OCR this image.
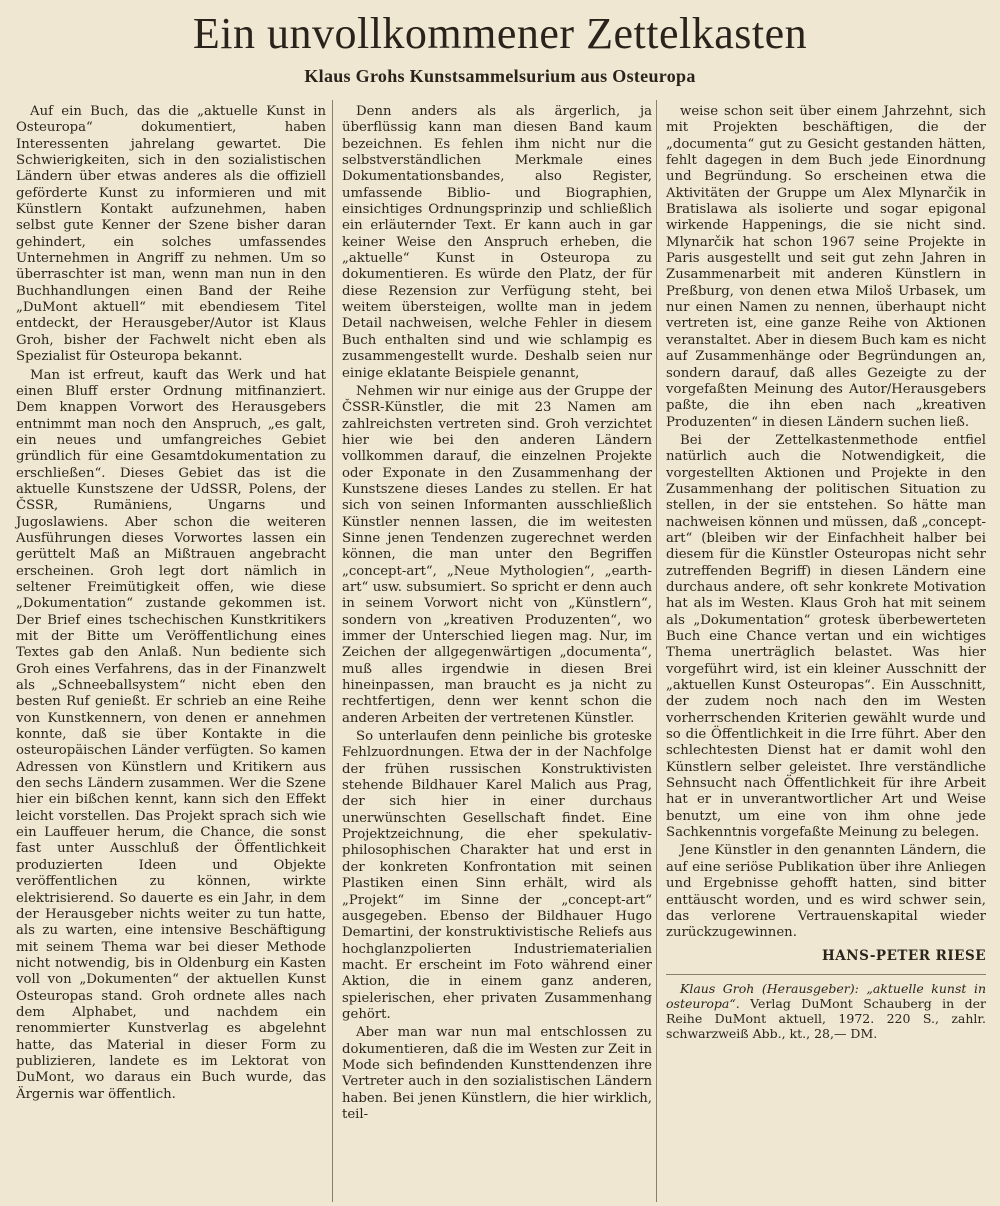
Ein unvollkommener Zettelkasten
Klaus Grohs Kunstsammelsurium aus Osteuropa

Auf ein Buch, das die „aktuelle Kunst in Osteuropa“ dokumentiert, haben Interessenten jahrelang gewartet. Die Schwierigkeiten, sich in den sozialistischen Ländern über etwas anderes als die offiziell geförderte Kunst zu informieren und mit Künstlern Kontakt aufzunehmen, haben selbst gute Kenner der Szene bisher daran gehindert, ein solches umfassendes Unternehmen in Angriff zu nehmen. Um so überraschter ist man, wenn man nun in den Buchhandlungen einen Band der Reihe „DuMont aktuell“ mit ebendiesem Titel entdeckt, der Herausgeber/Autor ist Klaus Groh, bisher der Fachwelt nicht eben als Spezialist für Osteuropa bekannt.

Man ist erfreut, kauft das Werk und hat einen Bluff erster Ordnung mitfinanziert. Dem knappen Vorwort des Herausgebers entnimmt man noch den Anspruch, „es galt, ein neues und umfangreiches Gebiet gründlich für eine Gesamtdokumentation zu erschließen“. Dieses Gebiet das ist die aktuelle Kunstszene der UdSSR, Polens, der ČSSR, Rumäniens, Ungarns und Jugoslawiens. Aber schon die weiteren Ausführungen dieses Vorwortes lassen ein gerüttelt Maß an Mißtrauen angebracht erscheinen. Groh legt dort nämlich in seltener Freimütigkeit offen, wie diese „Dokumentation“ zustande gekommen ist. Der Brief eines tschechischen Kunstkritikers mit der Bitte um Veröffentlichung eines Textes gab den Anlaß. Nun bediente sich Groh eines Verfahrens, das in der Finanzwelt als „Schneeballsystem“ nicht eben den besten Ruf genießt. Er schrieb an eine Reihe von Kunstkennern, von denen er annehmen konnte, daß sie über Kontakte in die osteuropäischen Länder verfügten. So kamen Adressen von Künstlern und Kritikern aus den sechs Ländern zusammen. Wer die Szene hier ein bißchen kennt, kann sich den Effekt leicht vorstellen. Das Projekt sprach sich wie ein Lauffeuer herum, die Chance, die sonst fast unter Ausschluß der Öffentlichkeit produzierten Ideen und Objekte veröffentlichen zu können, wirkte elektrisierend. So dauerte es ein Jahr, in dem der Herausgeber nichts weiter zu tun hatte, als zu warten, eine intensive Beschäftigung mit seinem Thema war bei dieser Methode nicht notwendig, bis in Oldenburg ein Kasten voll von „Dokumenten“ der aktuellen Kunst Osteuropas stand. Groh ordnete alles nach dem Alphabet, und nachdem ein renommierter Kunstverlag es abgelehnt hatte, das Material in dieser Form zu publizieren, landete es im Lektorat von DuMont, wo daraus ein Buch wurde, das Ärgernis war öffentlich.

Denn anders als als ärgerlich, ja überflüssig kann man diesen Band kaum bezeichnen. Es fehlen ihm nicht nur die selbstverständlichen Merkmale eines Dokumentationsbandes, also Register, umfassende Biblio- und Biographien, einsichtiges Ordnungsprinzip und schließlich ein erläuternder Text. Er kann auch in gar keiner Weise den Anspruch erheben, die „aktuelle“ Kunst in Osteuropa zu dokumentieren. Es würde den Platz, der für diese Rezension zur Verfügung steht, bei weitem übersteigen, wollte man in jedem Detail nachweisen, welche Fehler in diesem Buch enthalten sind und wie schlampig es zusammengestellt wurde. Deshalb seien nur einige eklatante Beispiele genannt,

Nehmen wir nur einige aus der Gruppe der ČSSR-Künstler, die mit 23 Namen am zahlreichsten vertreten sind. Groh verzichtet hier wie bei den anderen Ländern vollkommen darauf, die einzelnen Projekte oder Exponate in den Zusammenhang der Kunstszene dieses Landes zu stellen. Er hat sich von seinen Informanten ausschließlich Künstler nennen lassen, die im weitesten Sinne jenen Tendenzen zugerechnet werden können, die man unter den Begriffen „concept-art“, „Neue Mythologien“, „earth-art“ usw. subsumiert. So spricht er denn auch in seinem Vorwort nicht von „Künstlern“, sondern von „kreativen Produzenten“, wo immer der Unterschied liegen mag. Nur, im Zeichen der allgegenwärtigen „documenta“, muß alles irgendwie in diesen Brei hineinpassen, man braucht es ja nicht zu rechtfertigen, denn wer kennt schon die anderen Arbeiten der vertretenen Künstler.

So unterlaufen denn peinliche bis groteske Fehlzuordnungen. Etwa der in der Nachfolge der frühen russischen Konstruktivisten stehende Bildhauer Karel Malich aus Prag, der sich hier in einer durchaus unerwünschten Gesellschaft findet. Eine Projektzeichnung, die eher spekulativ-philosophischen Charakter hat und erst in der konkreten Konfrontation mit seinen Plastiken einen Sinn erhält, wird als „Projekt“ im Sinne der „concept-art“ ausgegeben. Ebenso der Bildhauer Hugo Demartini, der konstruktivistische Reliefs aus hochglanzpolierten Industriematerialien macht. Er erscheint im Foto während einer Aktion, die in einem ganz anderen, spielerischen, eher privaten Zusammenhang gehört.

Aber man war nun mal entschlossen zu dokumentieren, daß die im Westen zur Zeit in Mode sich befindenden Kunsttendenzen ihre Vertreter auch in den sozialistischen Ländern haben. Bei jenen Künstlern, die hier wirklich, teil-

weise schon seit über einem Jahrzehnt, sich mit Projekten beschäftigen, die der „documenta“ gut zu Gesicht gestanden hätten, fehlt dagegen in dem Buch jede Einordnung und Begründung. So erscheinen etwa die Aktivitäten der Gruppe um Alex Mlynarčik in Bratislawa als isolierte und sogar epigonal wirkende Happenings, die sie nicht sind. Mlynarčik hat schon 1967 seine Projekte in Paris ausgestellt und seit gut zehn Jahren in Zusammenarbeit mit anderen Künstlern in Preßburg, von denen etwa Miloš Urbasek, um nur einen Namen zu nennen, überhaupt nicht vertreten ist, eine ganze Reihe von Aktionen veranstaltet. Aber in diesem Buch kam es nicht auf Zusammenhänge oder Begründungen an, sondern darauf, daß alles Gezeigte zu der vorgefaßten Meinung des Autor/Herausgebers paßte, die ihn eben nach „kreativen Produzenten“ in diesen Ländern suchen ließ.

Bei der Zettelkastenmethode entfiel natürlich auch die Notwendigkeit, die vorgestellten Aktionen und Projekte in den Zusammenhang der politischen Situation zu stellen, in der sie entstehen. So hätte man nachweisen können und müssen, daß „concept-art“ (bleiben wir der Einfachheit halber bei diesem für die Künstler Osteuropas nicht sehr zutreffenden Begriff) in diesen Ländern eine durchaus andere, oft sehr konkrete Motivation hat als im Westen. Klaus Groh hat mit seinem als „Dokumentation“ grotesk überbewerteten Buch eine Chance vertan und ein wichtiges Thema unerträglich belastet. Was hier vorgeführt wird, ist ein kleiner Ausschnitt der „aktuellen Kunst Osteuropas“. Ein Ausschnitt, der zudem noch nach den im Westen vorherrschenden Kriterien gewählt wurde und so die Öffentlichkeit in die Irre führt. Aber den schlechtesten Dienst hat er damit wohl den Künstlern selber geleistet. Ihre verständliche Sehnsucht nach Öffentlichkeit für ihre Arbeit hat er in unverantwortlicher Art und Weise benutzt, um eine von ihm ohne jede Sachkenntnis vorgefaßte Meinung zu belegen.

Jene Künstler in den genannten Ländern, die auf eine seriöse Publikation über ihre Anliegen und Ergebnisse gehofft hatten, sind bitter enttäuscht worden, und es wird schwer sein, das verlorene Vertrauenskapital wieder zurückzugewinnen.

HANS-PETER RIESE
Klaus Groh (Herausgeber): „aktuelle kunst in osteuropa“. Verlag DuMont Schauberg in der Reihe DuMont aktuell, 1972. 220 S., zahlr. schwarzweiß Abb., kt., 28,— DM.
